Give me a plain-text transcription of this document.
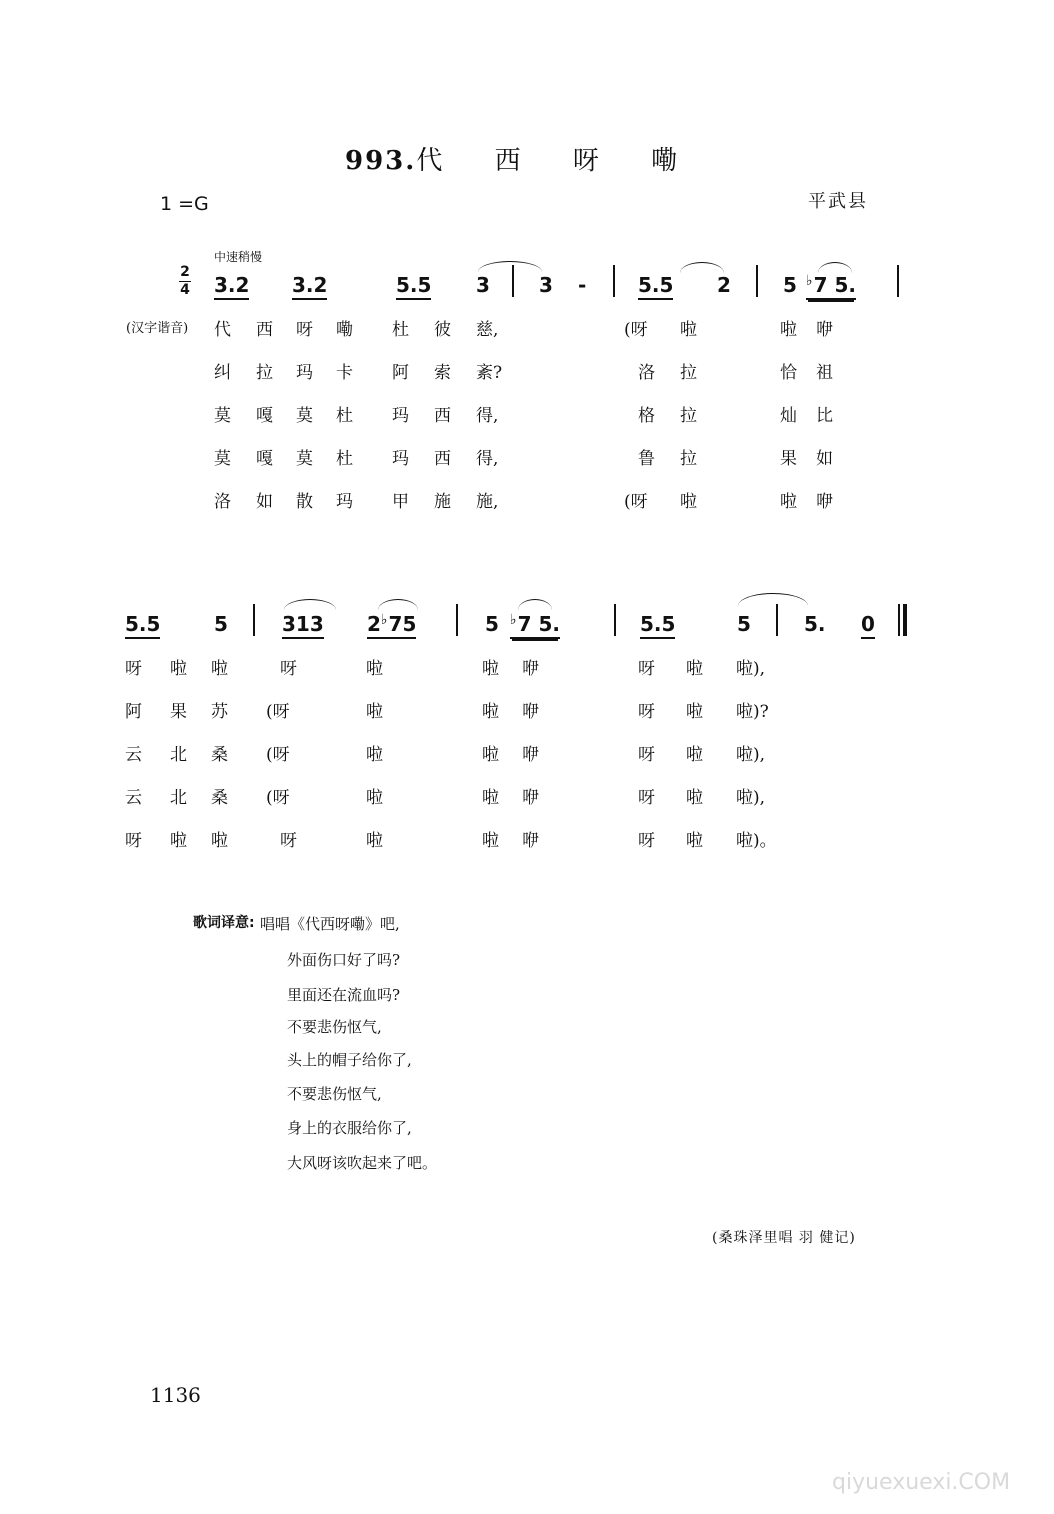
993.代 西 呀 嘞
1 =G	平武县
中速稍慢
2
4
(汉字谐音)
3.2 3.2	5.5 3 3 -	5.5 2	5 ♭7 5.
代 西 呀 嘞 杜 彼 慈,	(呀 啦	啦 咿
纠 拉 玛 卡 阿 索 紊?	洛 拉	恰 祖
莫 嘎 莫 杜 玛 西 得,	格 拉	灿 比
莫 嘎 莫 杜 玛 西 得,	鲁 拉	果 如
洛 如 散 玛 甲 施 施,	(呀 啦	啦 咿
5.5	5	313 2♭75	5 ♭7 5.	5.5	5	5. 0
呀 啦 啦	呀	啦	啦 咿	呀 啦 啦),
阿 果 苏 (呀	啦	啦 咿	呀 啦 啦)?
云 北 桑 (呀	啦	啦 咿	呀 啦 啦),
云 北 桑 (呀	啦	啦 咿	呀 啦 啦),
呀 啦 啦	呀	啦	啦 咿	呀 啦 啦)。
歌词译意: 唱唱《代西呀嘞》吧,
外面伤口好了吗?
里面还在流血吗?
不要悲伤怄气,
头上的帽子给你了,
不要悲伤怄气,
身上的衣服给你了,
大风呀该吹起来了吧。
(桑珠泽里唱 羽 健记)
1136
qiyuexuexi.COM
